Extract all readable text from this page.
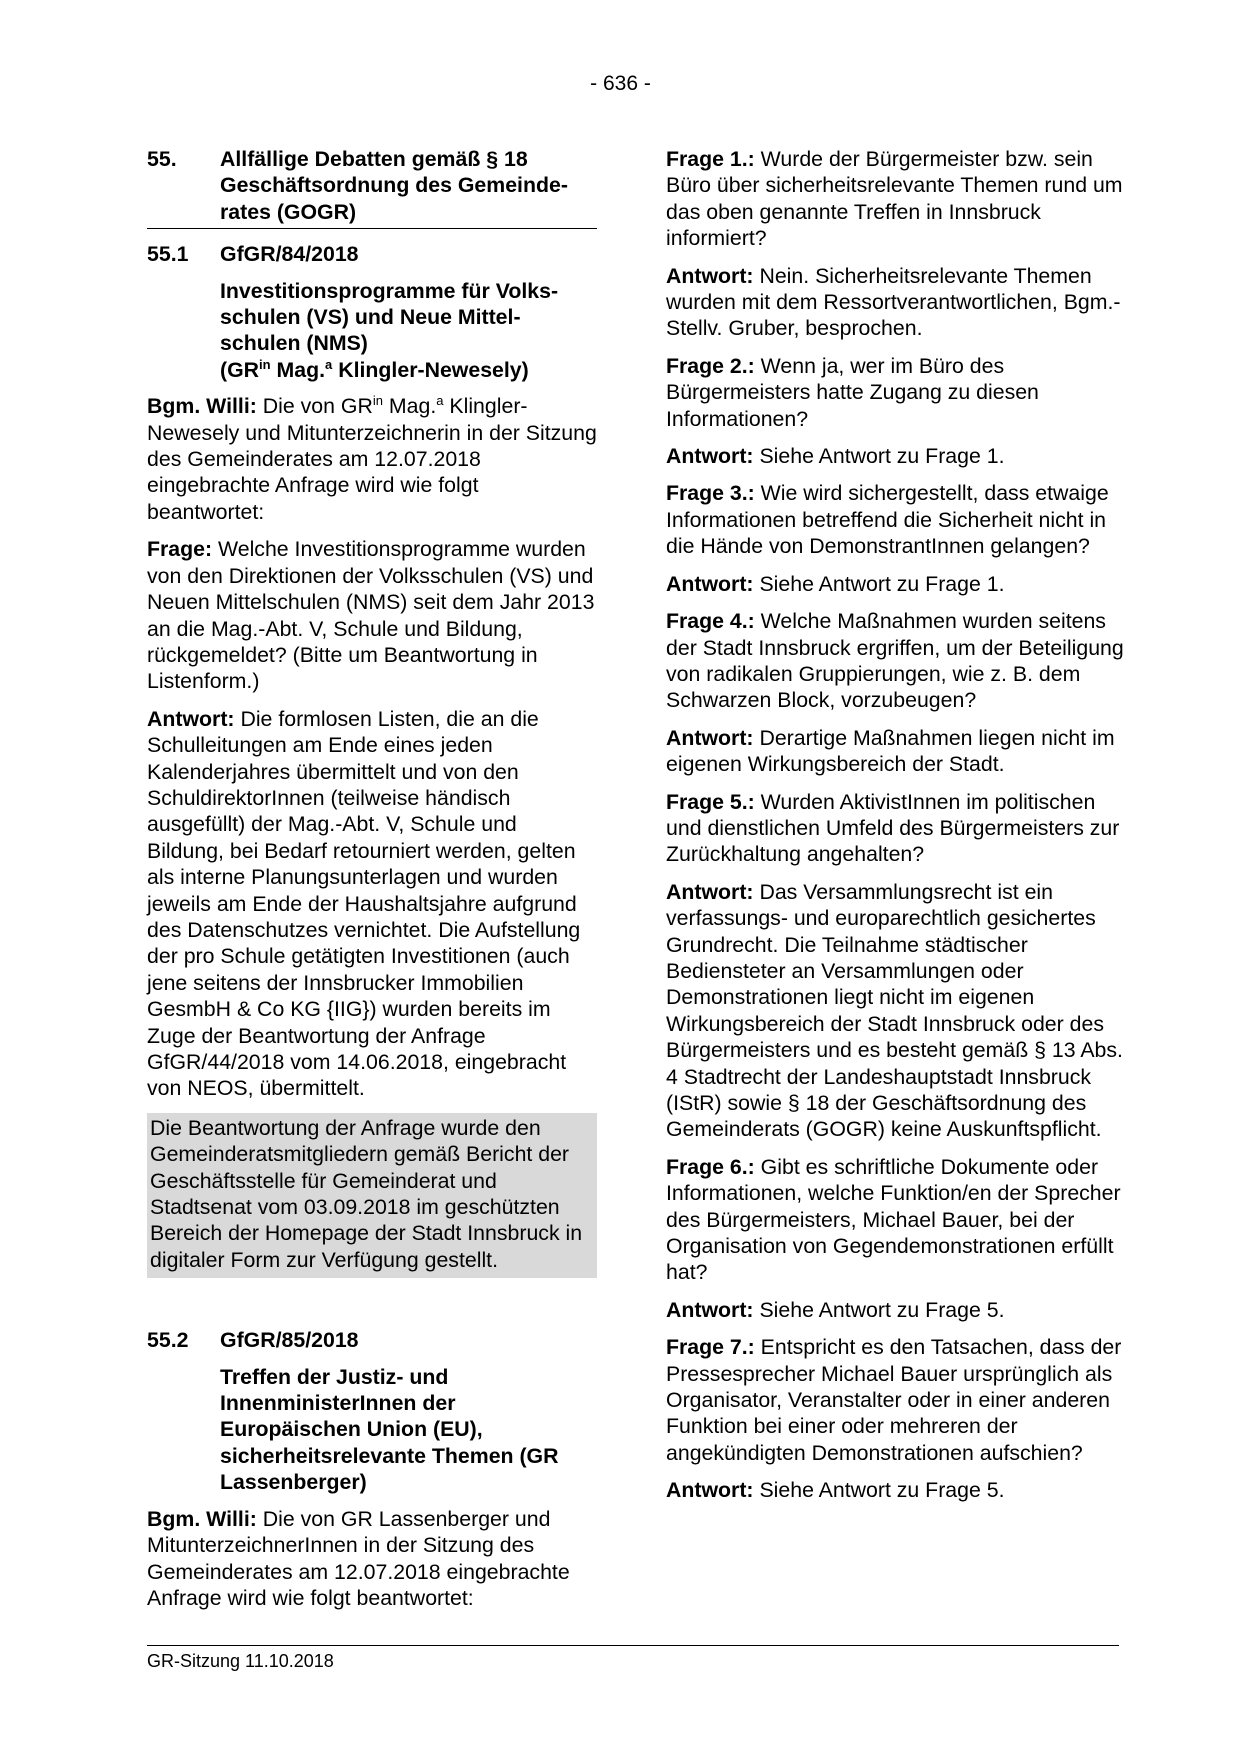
- 636 -
55.	Allfällige Debatten gemäß § 18 Geschäftsordnung des Gemeinde-rates (GOGR)
55.1	GfGR/84/2018
Investitionsprogramme für Volks-schulen (VS) und Neue Mittel-schulen (NMS)
($GR^{in}$ Mag.$^a$ Klingler-Newesely)

Bgm. Willi: Die von $GR^{in}$ Mag.$^a$ Klingler-Newesely und Mitunterzeichnerin in der Sitzung des Gemeinderates am 12.07.2018 eingebrachte Anfrage wird wie folgt beantwortet:

Frage: Welche Investitionsprogramme wurden von den Direktionen der Volksschulen (VS) und Neuen Mittelschulen (NMS) seit dem Jahr 2013 an die Mag.-Abt. V, Schule und Bildung, rückgemeldet? (Bitte um Beantwortung in Listenform.)

Antwort: Die formlosen Listen, die an die Schulleitungen am Ende eines jeden Kalenderjahres übermittelt und von den SchuldirektorInnen (teilweise händisch ausgefüllt) der Mag.-Abt. V, Schule und Bildung, bei Bedarf retourniert werden, gelten als interne Planungsunterlagen und wurden jeweils am Ende der Haushaltsjahre aufgrund des Datenschutzes vernichtet. Die Aufstellung der pro Schule getätigten Investitionen (auch jene seitens der Innsbrucker Immobilien GesmbH & Co KG {IIG}) wurden bereits im Zuge der Beantwortung der Anfrage GfGR/44/2018 vom 14.06.2018, eingebracht von NEOS, übermittelt.

Die Beantwortung der Anfrage wurde den Gemeinderatsmitgliedern gemäß Bericht der Geschäftsstelle für Gemeinderat und Stadtsenat vom 03.09.2018 im geschützten Bereich der Homepage der Stadt Innsbruck in digitaler Form zur Verfügung gestellt.

55.2	GfGR/85/2018
Treffen der Justiz- und InnenministerInnen der Europäischen Union (EU), sicherheitsrelevante Themen (GR Lassenberger)

Bgm. Willi: Die von GR Lassenberger und MitunterzeichnerInnen in der Sitzung des Gemeinderates am 12.07.2018 eingebrachte Anfrage wird wie folgt beantwortet:

Frage 1.: Wurde der Bürgermeister bzw. sein Büro über sicherheitsrelevante Themen rund um das oben genannte Treffen in Innsbruck informiert?

Antwort: Nein. Sicherheitsrelevante Themen wurden mit dem Ressortverantwortlichen, Bgm.-Stellv. Gruber, besprochen.

Frage 2.: Wenn ja, wer im Büro des Bürgermeisters hatte Zugang zu diesen Informationen?

Antwort: Siehe Antwort zu Frage 1.

Frage 3.: Wie wird sichergestellt, dass etwaige Informationen betreffend die Sicherheit nicht in die Hände von DemonstrantInnen gelangen?

Antwort: Siehe Antwort zu Frage 1.

Frage 4.: Welche Maßnahmen wurden seitens der Stadt Innsbruck ergriffen, um der Beteiligung von radikalen Gruppierungen, wie z. B. dem Schwarzen Block, vorzubeugen?

Antwort: Derartige Maßnahmen liegen nicht im eigenen Wirkungsbereich der Stadt.

Frage 5.: Wurden AktivistInnen im politischen und dienstlichen Umfeld des Bürgermeisters zur Zurückhaltung angehalten?

Antwort: Das Versammlungsrecht ist ein verfassungs- und europarechtlich gesichertes Grundrecht. Die Teilnahme städtischer Bediensteter an Versammlungen oder Demonstrationen liegt nicht im eigenen Wirkungsbereich der Stadt Innsbruck oder des Bürgermeisters und es besteht gemäß § 13 Abs. 4 Stadtrecht der Landeshauptstadt Innsbruck (IStR) sowie § 18 der Geschäftsordnung des Gemeinderats (GOGR) keine Auskunftspflicht.

Frage 6.: Gibt es schriftliche Dokumente oder Informationen, welche Funktion/en der Sprecher des Bürgermeisters, Michael Bauer, bei der Organisation von Gegendemonstrationen erfüllt hat?

Antwort: Siehe Antwort zu Frage 5.

Frage 7.: Entspricht es den Tatsachen, dass der Pressesprecher Michael Bauer ursprünglich als Organisator, Veranstalter oder in einer anderen Funktion bei einer oder mehreren der angekündigten Demonstrationen aufschien?

Antwort: Siehe Antwort zu Frage 5.

GR-Sitzung 11.10.2018
